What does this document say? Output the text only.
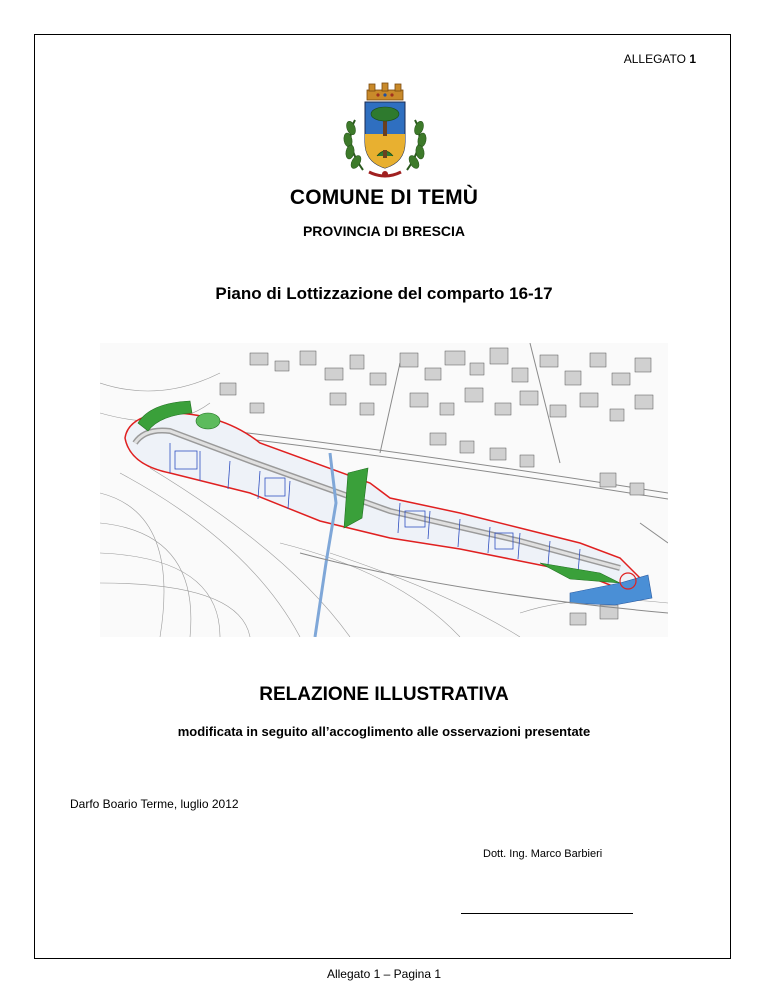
ALLEGATO 1
COMUNE DI TEMÙ
PROVINCIA DI BRESCIA
Piano di Lottizzazione del comparto 16-17
RELAZIONE ILLUSTRATIVA
modificata in seguito all’accoglimento alle osservazioni presentate
Darfo Boario Terme, luglio 2012
Dott. Ing. Marco Barbieri
Allegato 1 – Pagina 1
